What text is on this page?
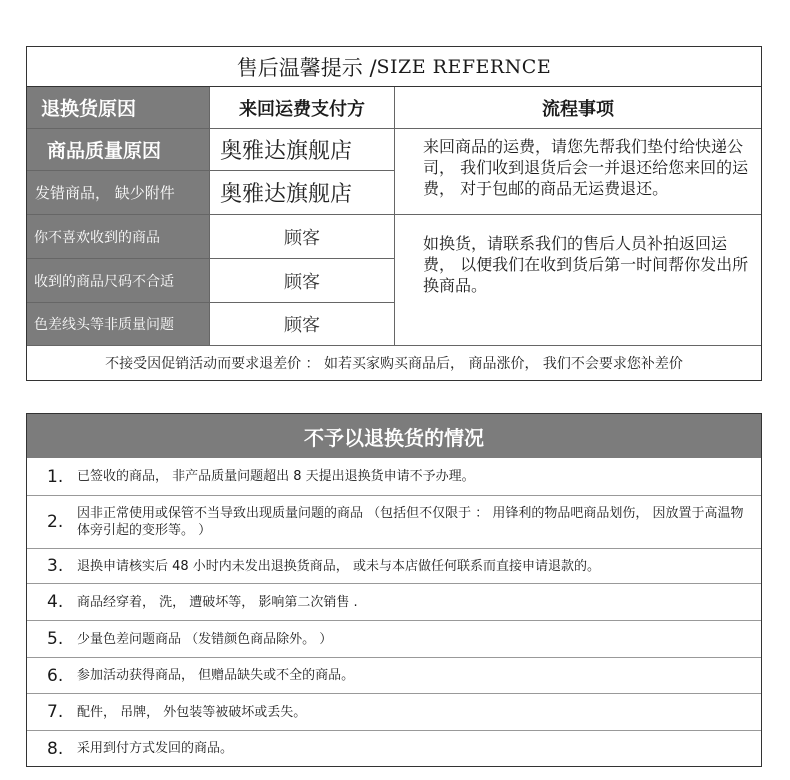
售后温馨提示 / SIZE REFERNCE
退换货原因	来回运费支付方	流程事项
商品质量原因	奥雅达旗舰店	来回商品的运费，请您先帮我们垫付给快递公司， 我们收到退货后会一并退还给您来回的运费， 对于包邮的商品无运费退还。
发错商品， 缺少附件	奥雅达旗舰店
你不喜欢收到的商品	顾客	如换货，请联系我们的售后人员补拍返回运费， 以便我们在收到货后第一时间帮你发出所换商品。
收到的商品尺码不合适	顾客
色差线头等非质量问题	顾客
不接受因促销活动而要求退差价 ： 如若买家购买商品后， 商品涨价， 我们不会要求您补差价
不予以退换货的情况
1.	已签收的商品， 非产品质量问题超出 8 天提出退换货申请不予办理。
2.	因非正常使用或保管不当导致出现质量问题的商品 （包括但不仅限于 ： 用锋利的物品吧商品划伤， 因放置于高温物体旁引起的变形等。 ）
3.	退换申请核实后 48 小时内未发出退换货商品， 或未与本店做任何联系而直接申请退款的。
4.	商品经穿着， 洗， 遭破坏等， 影响第二次销售 .
5.	少量色差问题商品 （发错颜色商品除外。 ）
6.	参加活动获得商品， 但赠品缺失或不全的商品。
7.	配件， 吊牌， 外包装等被破坏或丢失。
8.	采用到付方式发回的商品。
